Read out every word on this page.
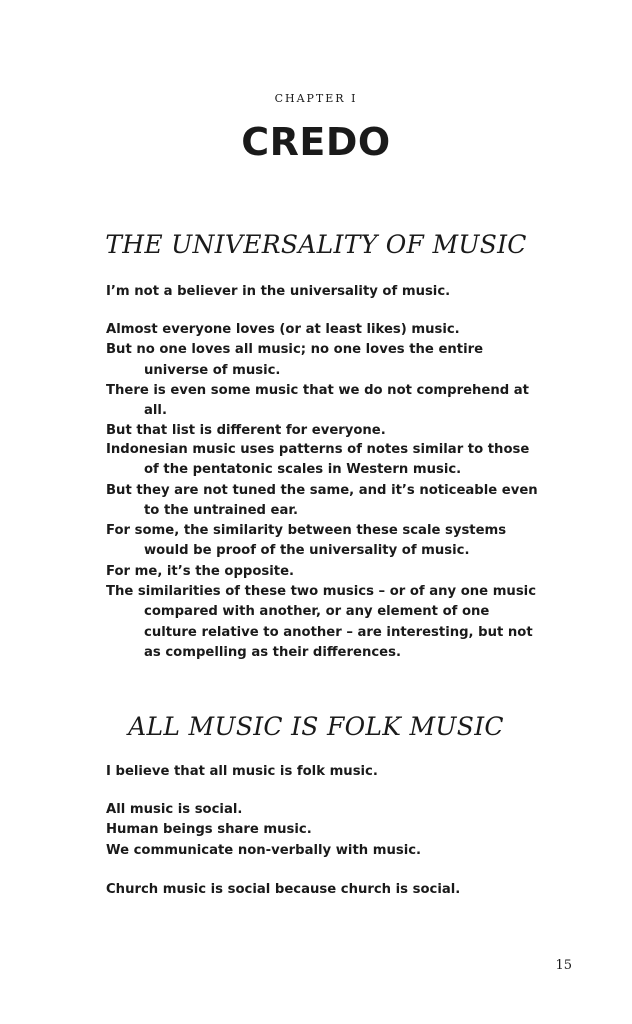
CHAPTER I
CREDO
THE UNIVERSALITY OF MUSIC
I’m not a believer in the universality of music.
Almost everyone loves (or at least likes) music.
But no one loves all music; no one loves the entire universe of music.
There is even some music that we do not comprehend at all.
But that list is different for everyone.
Indonesian music uses patterns of notes similar to those of the pentatonic scales in Western music.
But they are not tuned the same, and it’s noticeable even to the untrained ear.
For some, the similarity between these scale systems would be proof of the universality of music.
For me, it’s the opposite.
The similarities of these two musics – or of any one music compared with another, or any element of one culture relative to another – are interesting, but not as compelling as their differences.
ALL MUSIC IS FOLK MUSIC
I believe that all music is folk music.
All music is social.
Human beings share music.
We communicate non-verbally with music.
Church music is social because church is social.
15
